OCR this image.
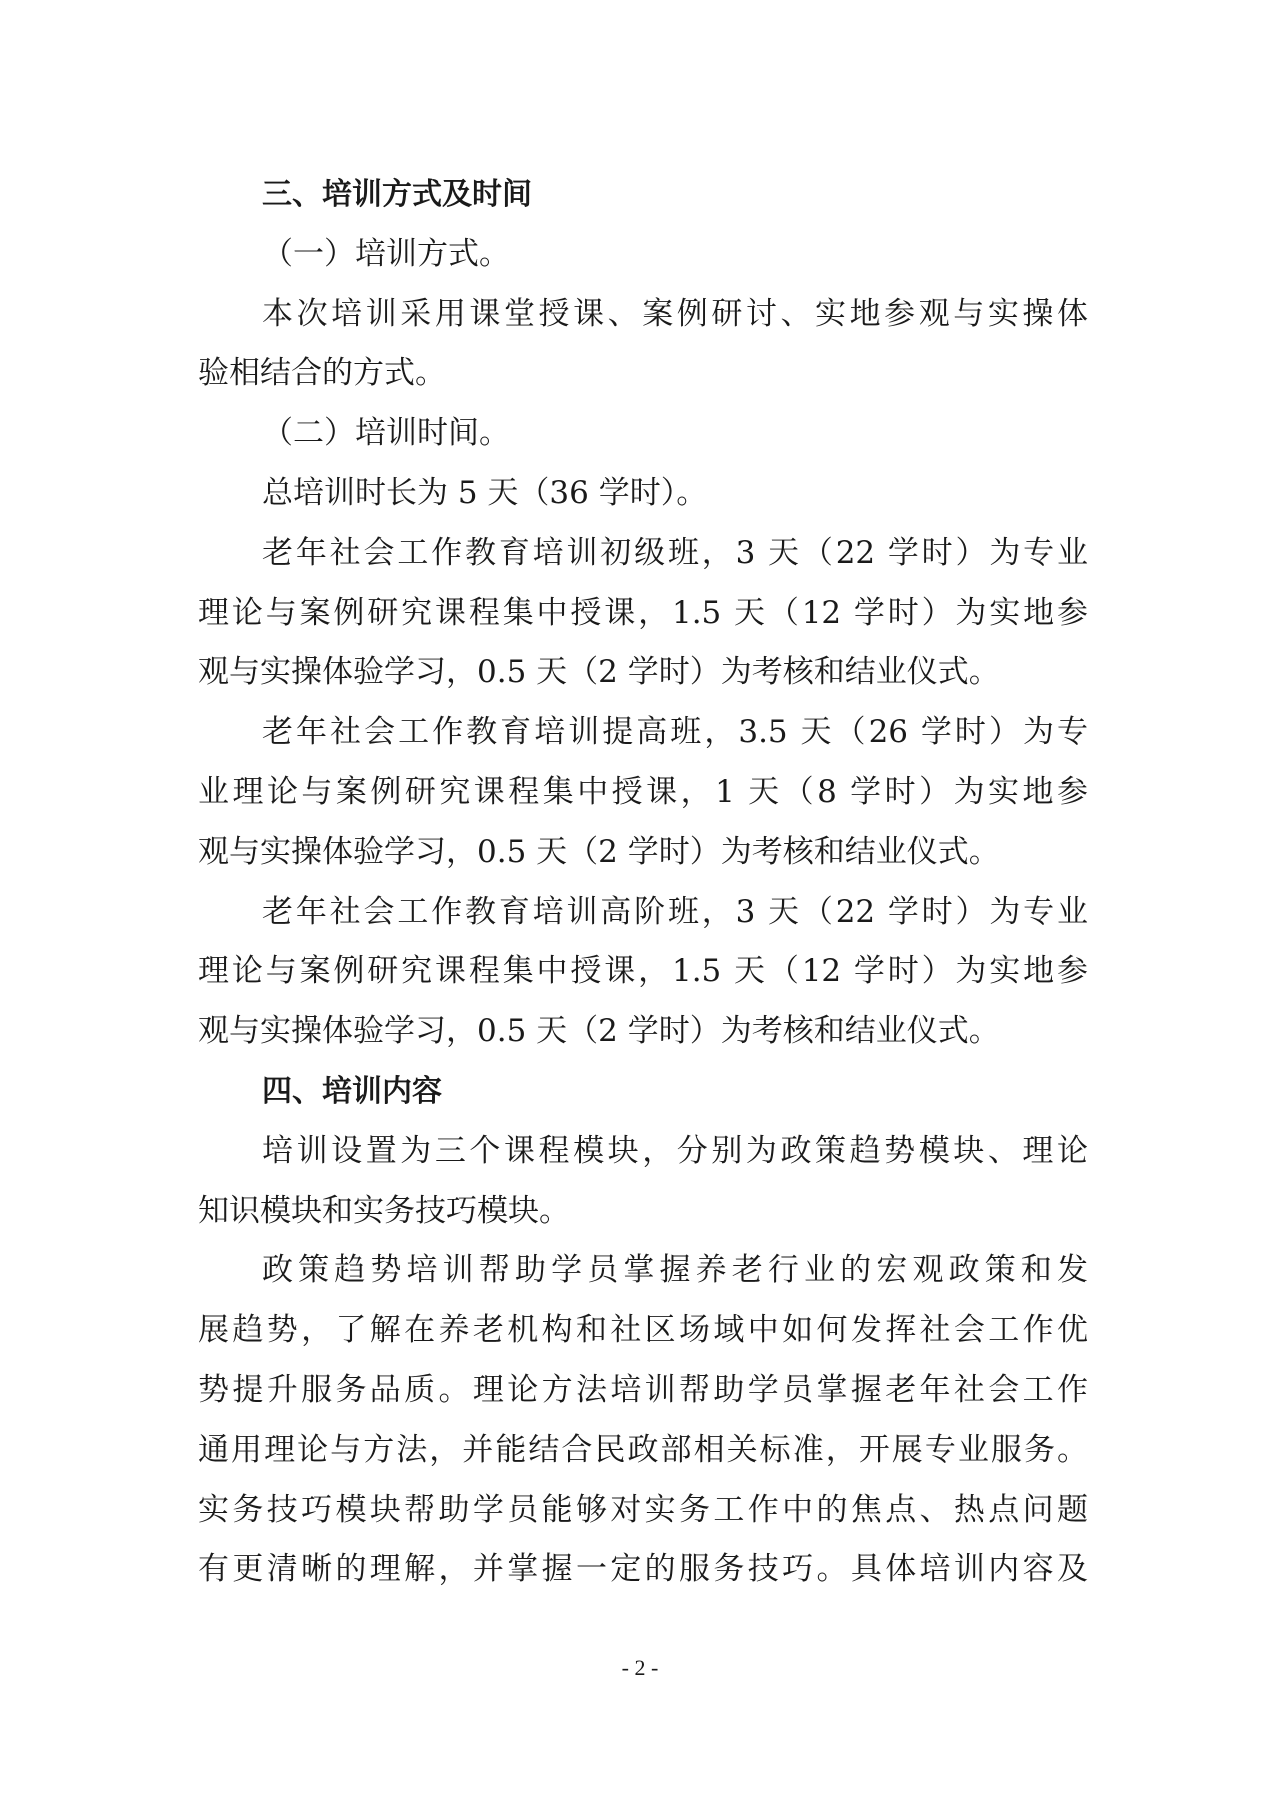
三、培训方式及时间
（一）培训方式。
本次培训采用课堂授课、案例研讨、实地参观与实操体
验相结合的方式。
（二）培训时间。
总培训时长为 5 天（36 学时）。
老年社会工作教育培训初级班，3 天（22 学时）为专业
理论与案例研究课程集中授课，1.5 天（12 学时）为实地参
观与实操体验学习，0.5 天（2 学时）为考核和结业仪式。
老年社会工作教育培训提高班，3.5 天（26 学时）为专
业理论与案例研究课程集中授课，1 天（8 学时）为实地参
观与实操体验学习，0.5 天（2 学时）为考核和结业仪式。
老年社会工作教育培训高阶班，3 天（22 学时）为专业
理论与案例研究课程集中授课，1.5 天（12 学时）为实地参
观与实操体验学习，0.5 天（2 学时）为考核和结业仪式。
四、培训内容
培训设置为三个课程模块，分别为政策趋势模块、理论
知识模块和实务技巧模块。
政策趋势培训帮助学员掌握养老行业的宏观政策和发
展趋势，了解在养老机构和社区场域中如何发挥社会工作优
势提升服务品质。理论方法培训帮助学员掌握老年社会工作
通用理论与方法，并能结合民政部相关标准，开展专业服务。
实务技巧模块帮助学员能够对实务工作中的焦点、热点问题
有更清晰的理解，并掌握一定的服务技巧。具体培训内容及
- 2 -
